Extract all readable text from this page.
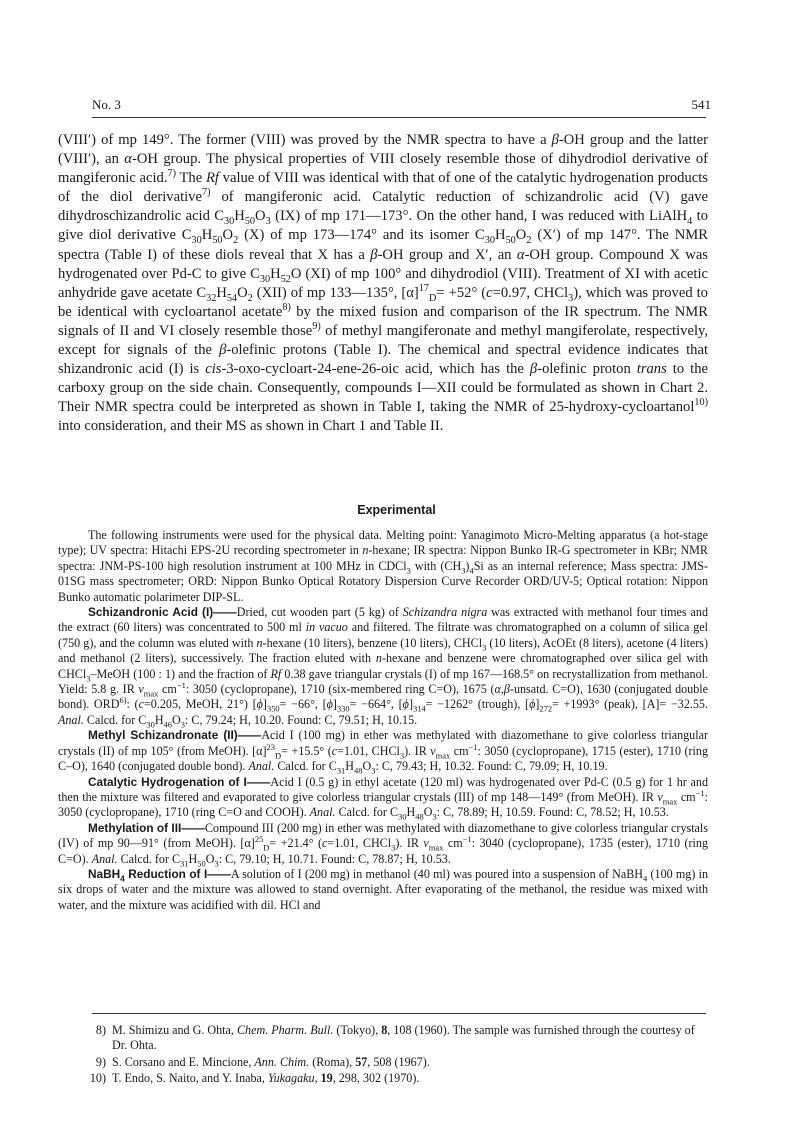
No. 3	541

(VIII′) of mp 149°. The former (VIII) was proved by the NMR spectra to have a β-OH group and the latter (VIII′), an α-OH group. The physical properties of VIII closely resemble those of dihydrodiol derivative of mangiferonic acid.$^{7)}$ The Rf value of VIII was identical with that of one of the catalytic hydrogenation products of the diol derivative$^{7)}$ of mangiferonic acid. Catalytic reduction of schizandrolic acid (V) gave dihydroschizandrolic acid $C_{30}H_{50}O_3$ (IX) of mp 171—173°. On the other hand, I was reduced with LiAlH$_4$ to give diol derivative $C_{30}H_{50}O_2$ (X) of mp 173—174° and its isomer $C_{30}H_{50}O_2$ (X′) of mp 147°. The NMR spectra (Table I) of these diols reveal that X has a β-OH group and X′, an α-OH group. Compound X was hydrogenated over Pd-C to give $C_{30}H_{52}O$ (XI) of mp 100° and dihydrodiol (VIII). Treatment of XI with acetic anhydride gave acetate $C_{32}H_{54}O_2$ (XII) of mp 133—135°, $[\alpha]^{17}_D= +52^\circ$ (c=0.97, CHCl$_3$), which was proved to be identical with cycloartanol acetate$^{8)}$ by the mixed fusion and comparison of the IR spectrum. The NMR signals of II and VI closely resemble those$^{9)}$ of methyl mangiferonate and methyl mangiferolate, respectively, except for signals of the β-olefinic protons (Table I). The chemical and spectral evidence indicates that shizandronic acid (I) is cis-3-oxo-cycloart-24-ene-26-oic acid, which has the β-olefinic proton trans to the carboxy group on the side chain. Consequently, compounds I—XII could be formulated as shown in Chart 2. Their NMR spectra could be interpreted as shown in Table I, taking the NMR of 25-hydroxy-cycloartanol$^{10)}$ into consideration, and their MS as shown in Chart 1 and Table II.

Experimental

The following instruments were used for the physical data. Melting point: Yanagimoto Micro-Melting apparatus (a hot-stage type); UV spectra: Hitachi EPS-2U recording spectrometer in n-hexane; IR spectra: Nippon Bunko IR-G spectrometer in KBr; NMR spectra: JNM-PS-100 high resolution instrument at 100 MHz in CDCl$_3$ with $(CH_3)_4Si$ as an internal reference; Mass spectra: JMS-01SG mass spectrometer; ORD: Nippon Bunko Optical Rotatory Dispersion Curve Recorder ORD/UV-5; Optical rotation: Nippon Bunko automatic polarimeter DIP-SL.

Schizandronic Acid (I)——Dried, cut wooden part (5 kg) of Schizandra nigra was extracted with methanol four times and the extract (60 liters) was concentrated to 500 ml in vacuo and filtered. The filtrate was chromatographed on a column of silica gel (750 g), and the column was eluted with n-hexane (10 liters), benzene (10 liters), CHCl$_3$ (10 liters), AcOEt (8 liters), acetone (4 liters) and methanol (2 liters), successively. The fraction eluted with n-hexane and benzene were chromatographed over silica gel with CHCl$_3$–MeOH (100 : 1) and the fraction of Rf 0.38 gave triangular crystals (I) of mp 167—168.5° on recrystallization from methanol. Yield: 5.8 g. IR $\nu_{max}$ $cm^{-1}$: 3050 (cyclopropane), 1710 (six-membered ring C=O), 1675 (α,β-unsatd. C=O), 1630 (conjugated double bond). ORD$^{6)}$: (c=0.205, MeOH, 21°) $[\phi]_{350}= -66^\circ$, $[\phi]_{330}= -664^\circ$, $[\phi]_{314}= -1262^\circ$ (trough), $[\phi]_{272}= +1993^\circ$ (peak), [A]= −32.55. Anal. Calcd. for $C_{30}H_{46}O_3$: C, 79.24; H, 10.20. Found: C, 79.51; H, 10.15.

Methyl Schizandronate (II)——Acid I (100 mg) in ether was methylated with diazomethane to give colorless triangular crystals (II) of mp 105° (from MeOH). $[\alpha]^{23}_D= +15.5^\circ$ (c=1.01, CHCl$_3$). IR $\nu_{max}$ $cm^{-1}$: 3050 (cyclopropane), 1715 (ester), 1710 (ring C–O), 1640 (conjugated double bond). Anal. Calcd. for $C_{31}H_{48}O_3$: C, 79.43; H, 10.32. Found: C, 79.09; H, 10.19.

Catalytic Hydrogenation of I——Acid I (0.5 g) in ethyl acetate (120 ml) was hydrogenated over Pd-C (0.5 g) for 1 hr and then the mixture was filtered and evaporated to give colorless triangular crystals (III) of mp 148—149° (from MeOH). IR $\nu_{max}$ $cm^{-1}$: 3050 (cyclopropane), 1710 (ring C=O and COOH). Anal. Calcd. for $C_{30}H_{48}O_3$: C, 78.89; H, 10.59. Found: C, 78.52; H, 10.53.

Methylation of III——Compound III (200 mg) in ether was methylated with diazomethane to give colorless triangular crystals (IV) of mp 90—91° (from MeOH). $[\alpha]^{25}_D= +21.4^\circ$ (c=1.01, CHCl$_3$). IR $\nu_{max}$ $cm^{-1}$: 3040 (cyclopropane), 1735 (ester), 1710 (ring C=O). Anal. Calcd. for $C_{31}H_{50}O_3$: C, 79.10; H, 10.71. Found: C, 78.87; H, 10.53.

NaBH$_4$ Reduction of I——A solution of I (200 mg) in methanol (40 ml) was poured into a suspension of NaBH$_4$ (100 mg) in six drops of water and the mixture was allowed to stand overnight. After evaporating of the methanol, the residue was mixed with water, and the mixture was acidified with dil. HCl and

8) M. Shimizu and G. Ohta, Chem. Pharm. Bull. (Tokyo), 8, 108 (1960). The sample was furnished through the courtesy of Dr. Ohta.
9) S. Corsano and E. Mincione, Ann. Chim. (Roma), 57, 508 (1967).
10) T. Endo, S. Naito, and Y. Inaba, Yukagaku, 19, 298, 302 (1970).
